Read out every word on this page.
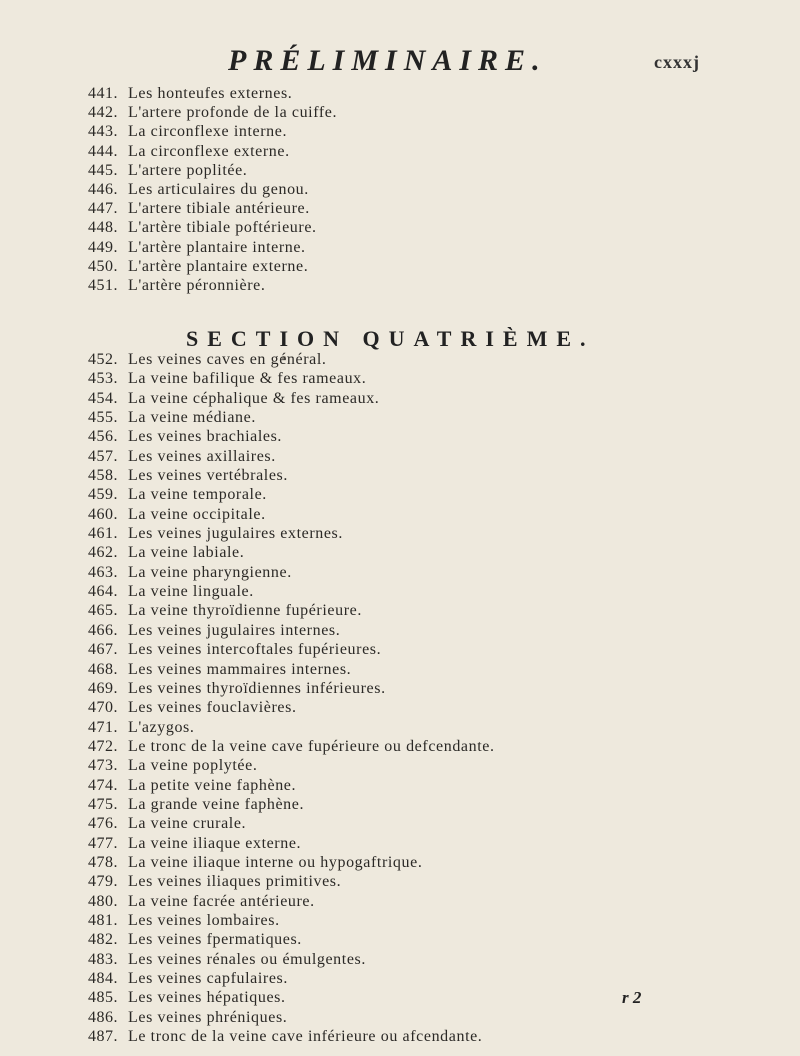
PRÉLIMINAIRE.	cxxxj
441. Les honteufes externes.
442. L'artere profonde de la cuiffe.
443. La circonflexe interne.
444. La circonflexe externe.
445. L'artere poplitée.
446. Les articulaires du genou.
447. L'artere tibiale antérieure.
448. L'artère tibiale poftérieure.
449. L'artère plantaire interne.
450. L'artère plantaire externe.
451. L'artère péronnière.
SECTION QUATRIÈME.
452. Les veines caves en général.
453. La veine bafilique & fes rameaux.
454. La veine céphalique & fes rameaux.
455. La veine médiane.
456. Les veines brachiales.
457. Les veines axillaires.
458. Les veines vertébrales.
459. La veine temporale.
460. La veine occipitale.
461. Les veines jugulaires externes.
462. La veine labiale.
463. La veine pharyngienne.
464. La veine linguale.
465. La veine thyroïdienne fupérieure.
466. Les veines jugulaires internes.
467. Les veines intercoftales fupérieures.
468. Les veines mammaires internes.
469. Les veines thyroïdiennes inférieures.
470. Les veines fouclavières.
471. L'azygos.
472. Le tronc de la veine cave fupérieure ou defcendante.
473. La veine poplytée.
474. La petite veine faphène.
475. La grande veine faphène.
476. La veine crurale.
477. La veine iliaque externe.
478. La veine iliaque interne ou hypogaftrique.
479. Les veines iliaques primitives.
480. La veine facrée antérieure.
481. Les veines lombaires.
482. Les veines fpermatiques.
483. Les veines rénales ou émulgentes.
484. Les veines capfulaires.
485. Les veines hépatiques.
486. Les veines phréniques.
487. Le tronc de la veine cave inférieure ou afcendante.
r 2
